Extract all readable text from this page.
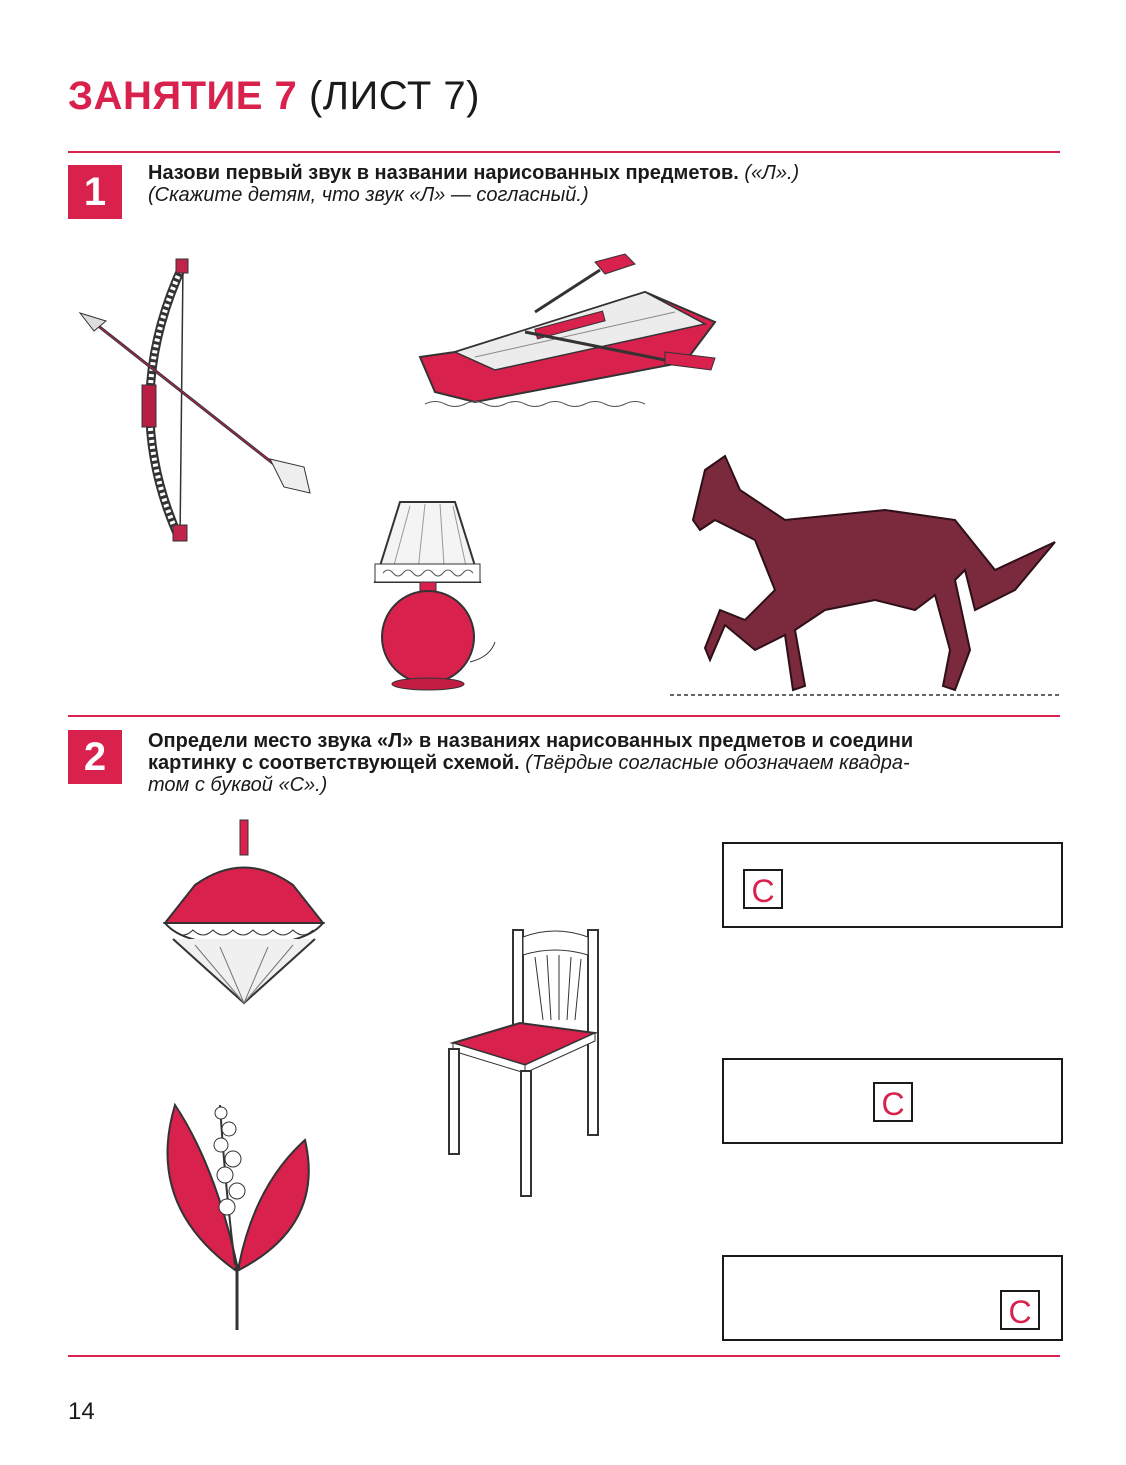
ЗАНЯТИЕ 7 (ЛИСТ 7)
1	Назови первый звук в названии нарисованных предметов. («Л».)
(Скажите детям, что звук «Л» — согласный.)
2	Определи место звука «Л» в названиях нарисованных предметов и соедини
картинку с соответствующей схемой. (Твёрдые согласные обозначаем квадра-
том с буквой «С».)
С
С
С
14
